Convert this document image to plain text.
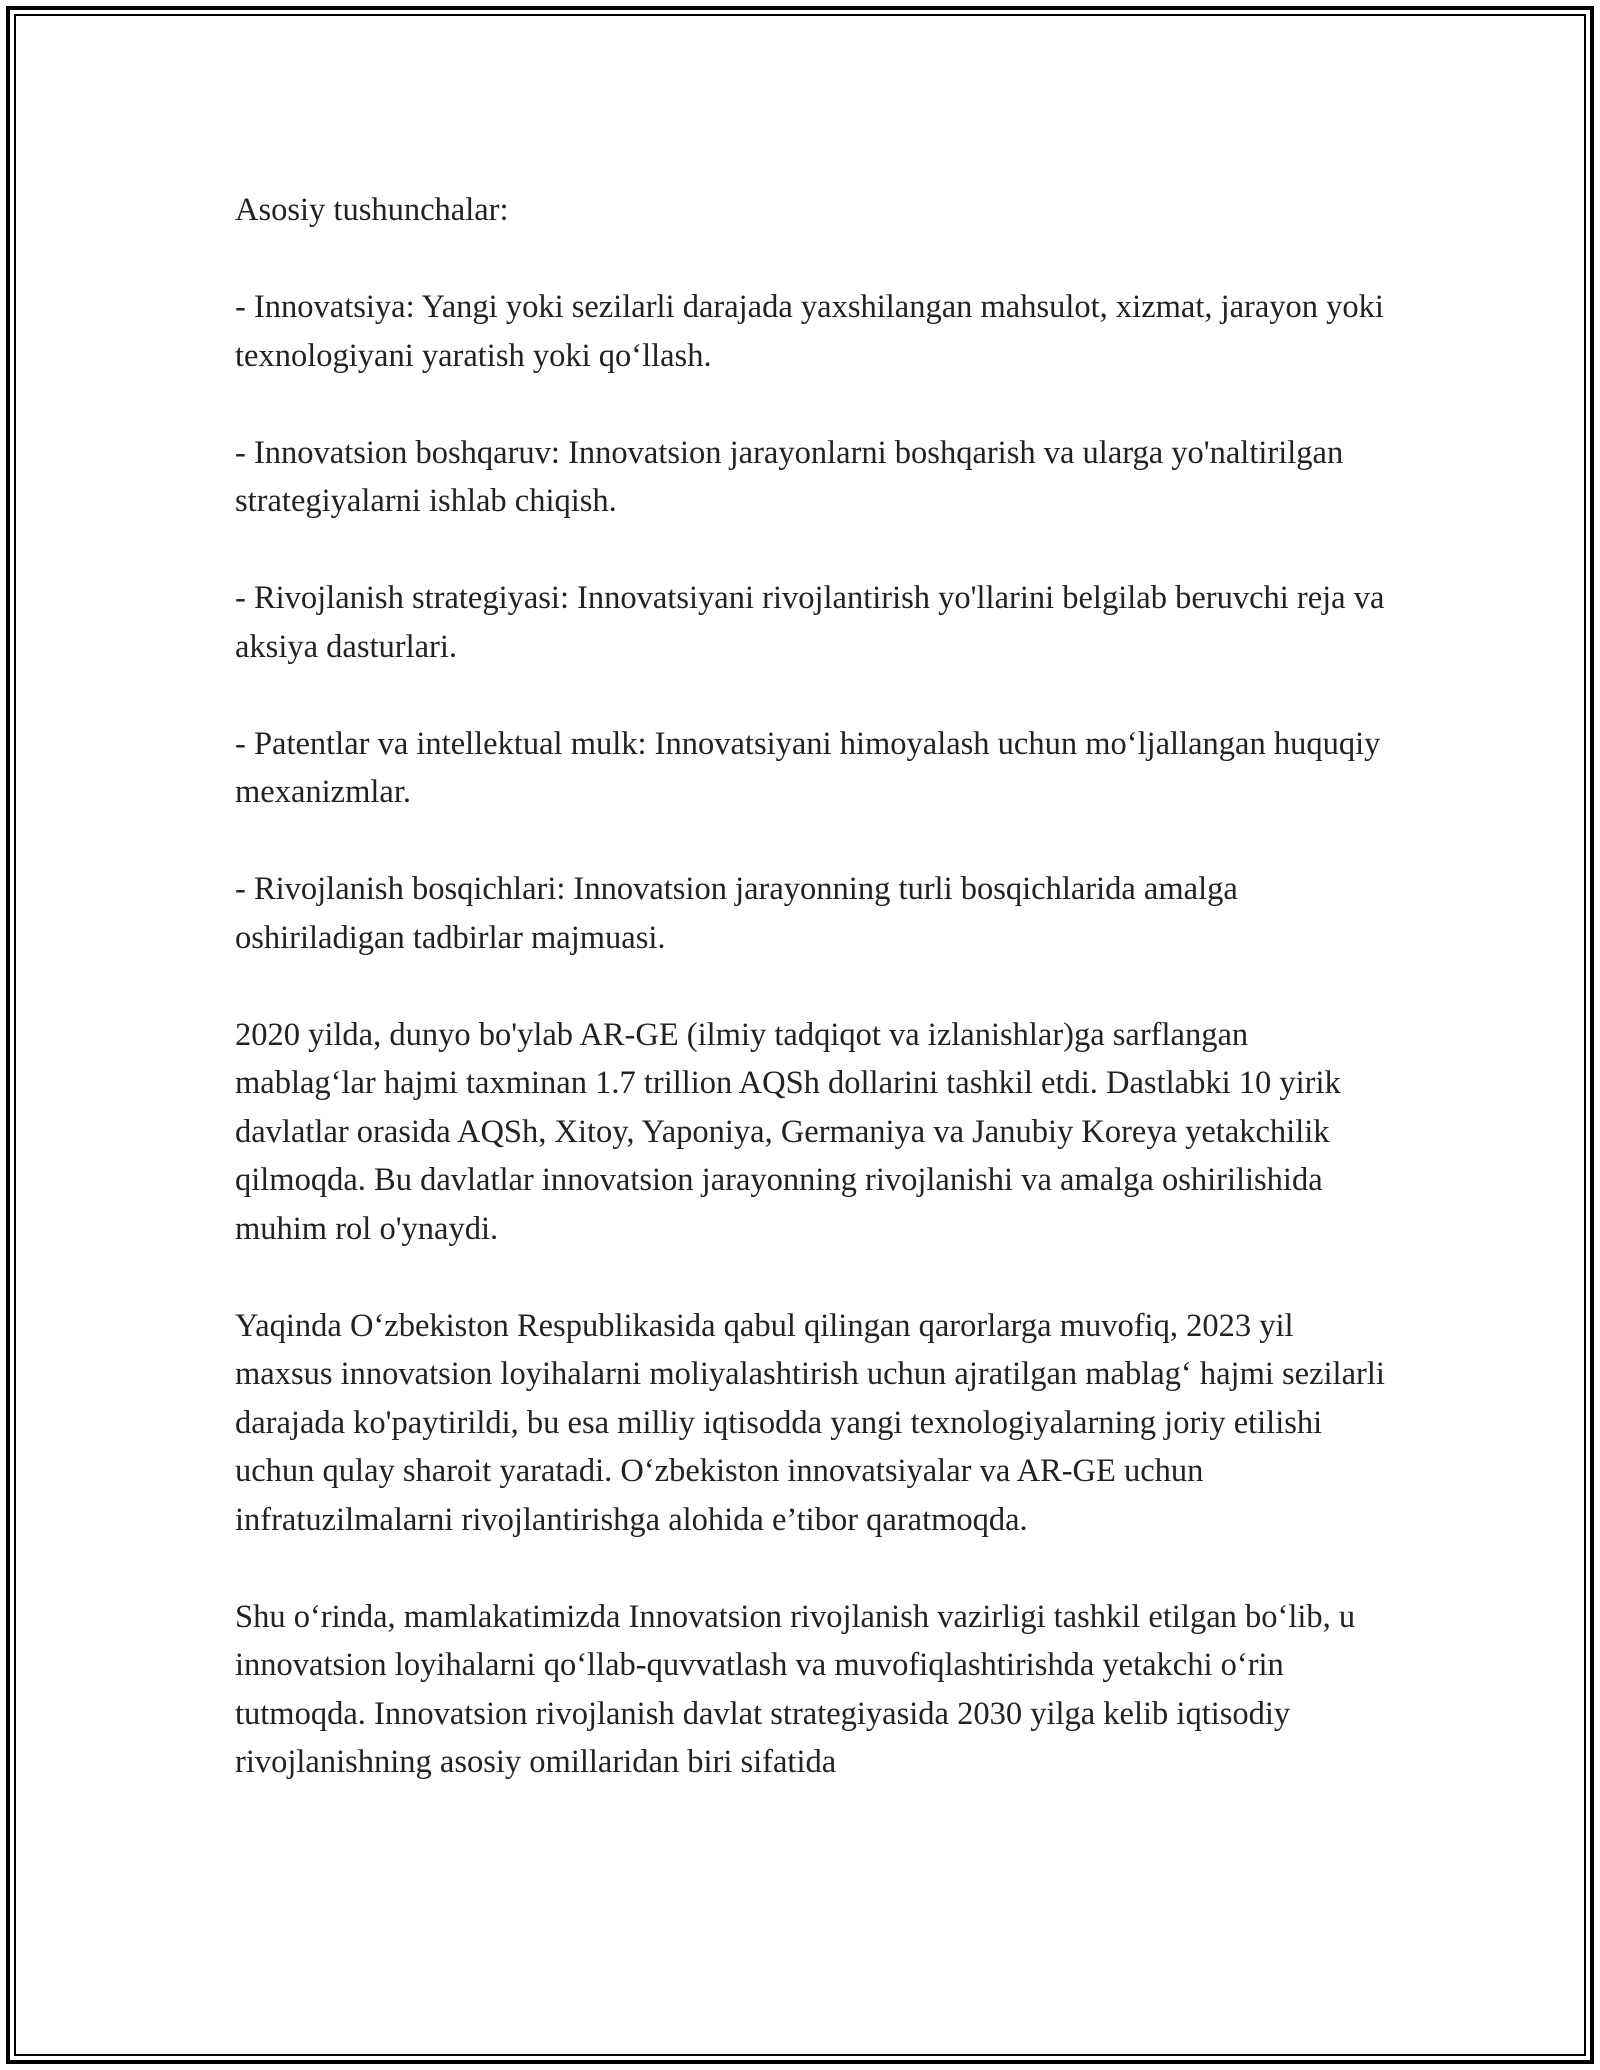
Asosiy tushunchalar:

- Innovatsiya: Yangi yoki sezilarli darajada yaxshilangan mahsulot, xizmat, jarayon yoki texnologiyani yaratish yoki qo‘llash.

- Innovatsion boshqaruv: Innovatsion jarayonlarni boshqarish va ularga yo'naltirilgan strategiyalarni ishlab chiqish.

- Rivojlanish strategiyasi: Innovatsiyani rivojlantirish yo'llarini belgilab beruvchi reja va aksiya dasturlari.

- Patentlar va intellektual mulk: Innovatsiyani himoyalash uchun mo‘ljallangan huquqiy mexanizmlar.

- Rivojlanish bosqichlari: Innovatsion jarayonning turli bosqichlarida amalga oshiriladigan tadbirlar majmuasi.

2020 yilda, dunyo bo'ylab AR-GE (ilmiy tadqiqot va izlanishlar)ga sarflangan mablag‘lar hajmi taxminan 1.7 trillion AQSh dollarini tashkil etdi. Dastlabki 10 yirik davlatlar orasida AQSh, Xitoy, Yaponiya, Germaniya va Janubiy Koreya yetakchilik qilmoqda. Bu davlatlar innovatsion jarayonning rivojlanishi va amalga oshirilishida muhim rol o'ynaydi.

Yaqinda O‘zbekiston Respublikasida qabul qilingan qarorlarga muvofiq, 2023 yil maxsus innovatsion loyihalarni moliyalashtirish uchun ajratilgan mablag‘ hajmi sezilarli darajada ko'paytirildi, bu esa milliy iqtisodda yangi texnologiyalarning joriy etilishi uchun qulay sharoit yaratadi. O‘zbekiston innovatsiyalar va AR-GE uchun infratuzilmalarni rivojlantirishga alohida e’tibor qaratmoqda.

Shu o‘rinda, mamlakatimizda Innovatsion rivojlanish vazirligi tashkil etilgan bo‘lib, u innovatsion loyihalarni qo‘llab-quvvatlash va muvofiqlashtirishda yetakchi o‘rin tutmoqda. Innovatsion rivojlanish davlat strategiyasida 2030 yilga kelib iqtisodiy rivojlanishning asosiy omillaridan biri sifatida
